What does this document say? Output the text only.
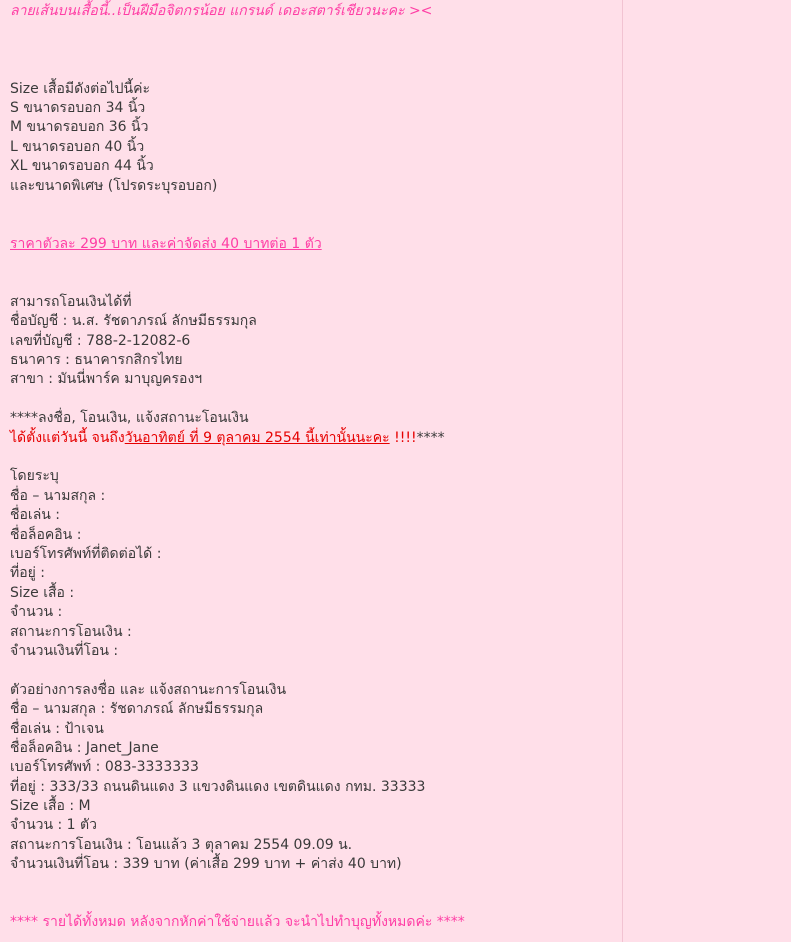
ลายเส้นบนเสื้อนี้..เป็นฝีมือจิตกรน้อย แกรนด์ เดอะสตาร์เชียวนะคะ ><
Size เสื้อมีดังต่อไปนี้ค่ะ
S ขนาดรอบอก 34 นิ้ว
M ขนาดรอบอก 36 นิ้ว
L ขนาดรอบอก 40 นิ้ว
XL ขนาดรอบอก 44 นิ้ว
และขนาดพิเศษ (โปรดระบุรอบอก)
ราคาตัวละ 299 บาท และค่าจัดส่ง 40 บาทต่อ 1 ตัว
สามารถโอนเงินได้ที่
ชื่อบัญชี : น.ส. รัชดาภรณ์ ลักษมีธรรมกุล
เลขที่บัญชี : 788-2-12082-6
ธนาคาร : ธนาคารกสิกรไทย
สาขา : มันนี่พาร์ค มาบุญครองฯ
****ลงชื่อ, โอนเงิน, แจ้งสถานะโอนเงิน
ได้ตั้งแต่วันนี้ จนถึงวันอาทิตย์ ที่ 9 ตุลาคม 2554 นี้เท่านั้นนะคะ !!!!****
โดยระบุ
ชื่อ – นามสกุล :
ชื่อเล่น :
ชื่อล็อคอิน :
เบอร์โทรศัพท์ที่ติดต่อได้ :
ที่อยู่ :
Size เสื้อ :
จำนวน :
สถานะการโอนเงิน :
จำนวนเงินที่โอน :
ตัวอย่างการลงชื่อ และ แจ้งสถานะการโอนเงิน
ชื่อ – นามสกุล : รัชดาภรณ์ ลักษมีธรรมกุล
ชื่อเล่น : ป้าเจน
ชื่อล็อคอิน : Janet_Jane
เบอร์โทรศัพท์ : 083-3333333
ที่อยู่ : 333/33 ถนนดินแดง 3 แขวงดินแดง เขตดินแดง กทม. 33333
Size เสื้อ : M
จำนวน : 1 ตัว
สถานะการโอนเงิน : โอนแล้ว 3 ตุลาคม 2554 09.09 น.
จำนวนเงินที่โอน : 339 บาท (ค่าเสื้อ 299 บาท + ค่าส่ง 40 บาท)
**** รายได้ทั้งหมด หลังจากหักค่าใช้จ่ายแล้ว จะนำไปทำบุญทั้งหมดค่ะ ****
